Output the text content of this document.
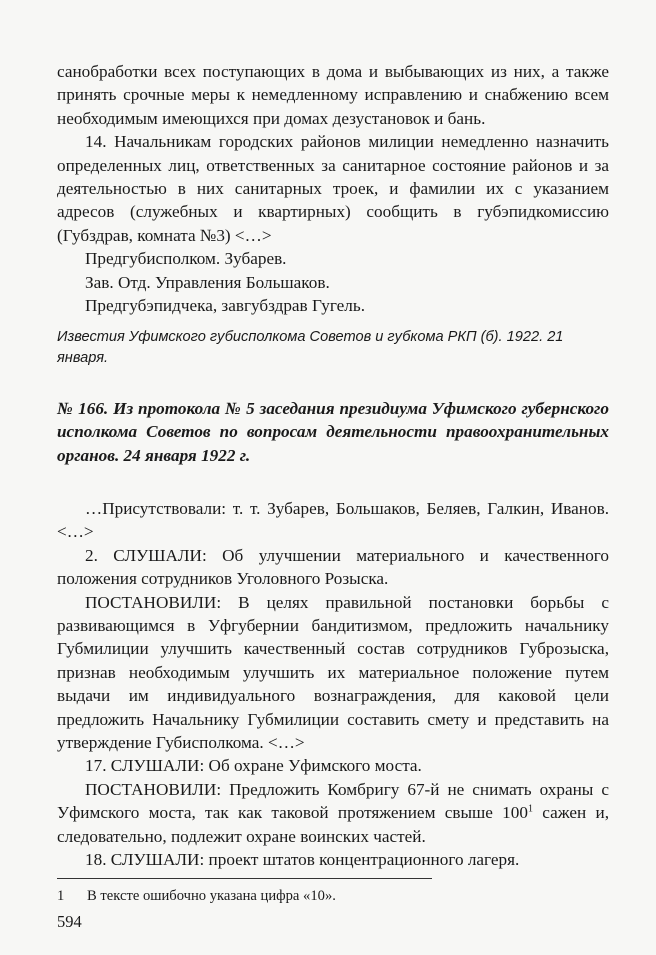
санобработки всех поступающих в дома и выбывающих из них, а также принять срочные меры к немедленному исправлению и снабжению всем необходимым имеющихся при домах дезустановок и бань.

14. Начальникам городских районов милиции немедленно назначить определенных лиц, ответственных за санитарное состояние районов и за деятельностью в них санитарных троек, и фамилии их с указанием адресов (служебных и квартирных) сообщить в губэпидкомиссию (Губздрав, комната №3) <…>

Предгубисполком. Зубарев.

Зав. Отд. Управления Большаков.

Предгубэпидчека, завгубздрав Гугель.

Известия Уфимского губисполкома Советов и губкома РКП (б). 1922. 21 января.
№ 166. Из протокола № 5 заседания президиума Уфимского губернского исполкома Советов по вопросам деятельности правоохранительных органов. 24 января 1922 г.

…Присутствовали: т. т. Зубарев, Большаков, Беляев, Галкин, Иванов. <…>

2. СЛУШАЛИ: Об улучшении материального и качественного положения сотрудников Уголовного Розыска.

ПОСТАНОВИЛИ: В целях правильной постановки борьбы с развивающимся в Уфгубернии бандитизмом, предложить начальнику Губмилиции улучшить качественный состав сотрудников Губрозыска, признав необходимым улучшить их материальное положение путем выдачи им индивидуального вознаграждения, для каковой цели предложить Начальнику Губмилиции составить смету и представить на утверждение Губисполкома. <…>

17. СЛУШАЛИ: Об охране Уфимского моста.

ПОСТАНОВИЛИ: Предложить Комбригу 67-й не снимать охраны с Уфимского моста, так как таковой протяжением свыше $100^1$ сажен и, следовательно, подлежит охране воинских частей.

18. СЛУШАЛИ: проект штатов концентрационного лагеря.

1 В тексте ошибочно указана цифра «10».
594
